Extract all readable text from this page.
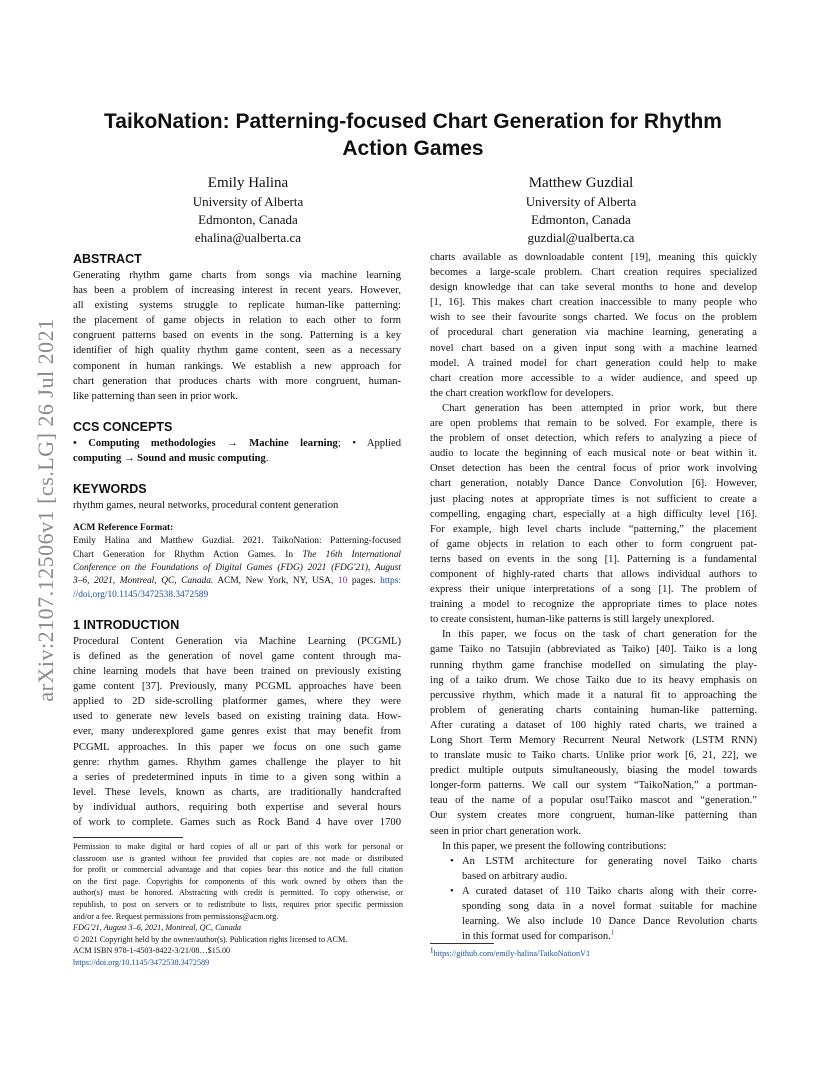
arXiv:2107.12506v1 [cs.LG] 26 Jul 2021
TaikoNation: Patterning-focused Chart Generation for Rhythm
Action Games
Emily Halina
University of Alberta
Edmonton, Canada
ehalina@ualberta.ca
Matthew Guzdial
University of Alberta
Edmonton, Canada
guzdial@ualberta.ca
ABSTRACT
Generating rhythm game charts from songs via machine learning
has been a problem of increasing interest in recent years. However,
all existing systems struggle to replicate human-like patterning:
the placement of game objects in relation to each other to form
congruent patterns based on events in the song. Patterning is a key
identifier of high quality rhythm game content, seen as a necessary
component in human rankings. We establish a new approach for
chart generation that produces charts with more congruent, human-
like patterning than seen in prior work.
CCS CONCEPTS
• Computing methodologies → Machine learning; • Applied
computing → Sound and music computing.
KEYWORDS
rhythm games, neural networks, procedural content generation
ACM Reference Format:
Emily Halina and Matthew Guzdial. 2021. TaikoNation: Patterning-focused
Chart Generation for Rhythm Action Games. In The 16th International
Conference on the Foundations of Digital Games (FDG) 2021 (FDG'21), August
3–6, 2021, Montreal, QC, Canada. ACM, New York, NY, USA, 10 pages. https:
//doi.org/10.1145/3472538.3472589
1 INTRODUCTION
Procedural Content Generation via Machine Learning (PCGML)
is defined as the generation of novel game content through ma-
chine learning models that have been trained on previously existing
game content [37]. Previously, many PCGML approaches have been
applied to 2D side-scrolling platformer games, where they were
used to generate new levels based on existing training data. How-
ever, many underexplored game genres exist that may benefit from
PCGML approaches. In this paper we focus on one such game
genre: rhythm games. Rhythm games challenge the player to hit
a series of predetermined inputs in time to a given song within a
level. These levels, known as charts, are traditionally handcrafted
by individual authors, requiring both expertise and several hours
of work to complete. Games such as Rock Band 4 have over 1700
Permission to make digital or hard copies of all or part of this work for personal or
classroom use is granted without fee provided that copies are not made or distributed
for profit or commercial advantage and that copies bear this notice and the full citation
on the first page. Copyrights for components of this work owned by others than the
author(s) must be honored. Abstracting with credit is permitted. To copy otherwise, or
republish, to post on servers or to redistribute to lists, requires prior specific permission
and/or a fee. Request permissions from permissions@acm.org.
FDG'21, August 3–6, 2021, Montreal, QC, Canada
© 2021 Copyright held by the owner/author(s). Publication rights licensed to ACM.
ACM ISBN 978-1-4503-8422-3/21/08…$15.00
https://doi.org/10.1145/3472538.3472589
charts available as downloadable content [19], meaning this quickly
becomes a large-scale problem. Chart creation requires specialized
design knowledge that can take several months to hone and develop
[1, 16]. This makes chart creation inaccessible to many people who
wish to see their favourite songs charted. We focus on the problem
of procedural chart generation via machine learning, generating a
novel chart based on a given input song with a machine learned
model. A trained model for chart generation could help to make
chart creation more accessible to a wider audience, and speed up
the chart creation workflow for developers.
Chart generation has been attempted in prior work, but there
are open problems that remain to be solved. For example, there is
the problem of onset detection, which refers to analyzing a piece of
audio to locate the beginning of each musical note or beat within it.
Onset detection has been the central focus of prior work involving
chart generation, notably Dance Dance Convolution [6]. However,
just placing notes at appropriate times is not sufficient to create a
compelling, engaging chart, especially at a high difficulty level [16].
For example, high level charts include “patterning,” the placement
of game objects in relation to each other to form congruent pat-
terns based on events in the song [1]. Patterning is a fundamental
component of highly-rated charts that allows individual authors to
express their unique interpretations of a song [1]. The problem of
training a model to recognize the appropriate times to place notes
to create consistent, human-like patterns is still largely unexplored.
In this paper, we focus on the task of chart generation for the
game Taiko no Tatsujin (abbreviated as Taiko) [40]. Taiko is a long
running rhythm game franchise modelled on simulating the play-
ing of a taiko drum. We chose Taiko due to its heavy emphasis on
percussive rhythm, which made it a natural fit to approaching the
problem of generating charts containing human-like patterning.
After curating a dataset of 100 highly rated charts, we trained a
Long Short Term Memory Recurrent Neural Network (LSTM RNN)
to translate music to Taiko charts. Unlike prior work [6, 21, 22], we
predict multiple outputs simultaneously, biasing the model towards
longer-form patterns. We call our system “TaikoNation,” a portman-
teau of the name of a popular osu!Taiko mascot and “generation.”
Our system creates more congruent, human-like patterning than
seen in prior chart generation work.
In this paper, we present the following contributions:
• An LSTM architecture for generating novel Taiko charts
based on arbitrary audio.
• A curated dataset of 110 Taiko charts along with their corre-
sponding song data in a novel format suitable for machine
learning. We also include 10 Dance Dance Revolution charts
in this format used for comparison.$^1$
$^1$https://github.com/emily-halina/TaikoNationV1
